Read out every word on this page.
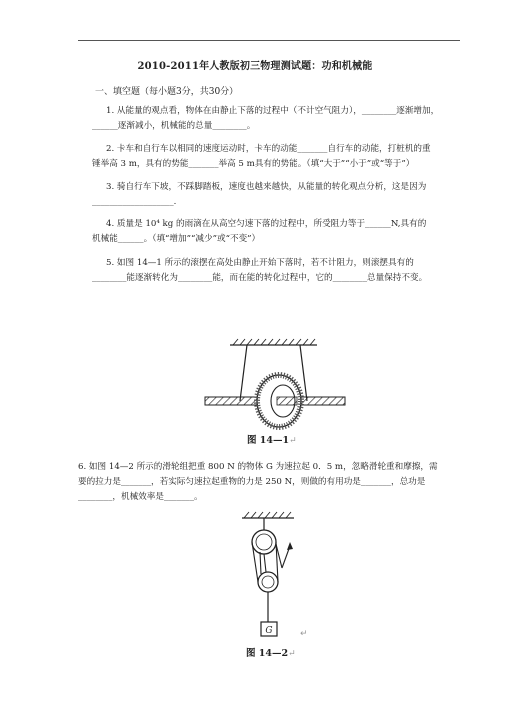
2010-2011年人教版初三物理测试题：功和机械能
一、填空题（每小题3分，共30分）
1. 从能量的观点看，物体在由静止下落的过程中（不计空气阻力），________逐渐增加，
______逐渐减小，机械能的总量________。
2. 卡车和自行车以相同的速度运动时，卡车的动能_______自行车的动能，打桩机的重
锤举高 3 m，具有的势能_______举高 5 m具有的势能。（填“大于”“小于”或“等于”）
3. 骑自行车下坡，不踩脚踏板，速度也越来越快，从能量的转化观点分析，这是因为
___________________.
4. 质量是 10⁴ kg 的雨滴在从高空匀速下落的过程中，所受阻力等于______N,具有的
机械能______。（填“增加”“减少”或“不变”）
5. 如图 14—1 所示的滚摆在高处由静止开始下落时，若不计阻力，则滚摆具有的
________能逐渐转化为________能，而在能的转化过程中，它的________总量保持不变。
图 14—1↵
6. 如图 14—2 所示的滑轮组把重 800 N 的物体 G 为速拉起 0．5 m，忽略滑轮重和摩擦，需
要的拉力是_______，若实际匀速拉起重物的力是 250 N，则做的有用功是_______，总功是
________，机械效率是_______。
G	↵
图 14—2↵
